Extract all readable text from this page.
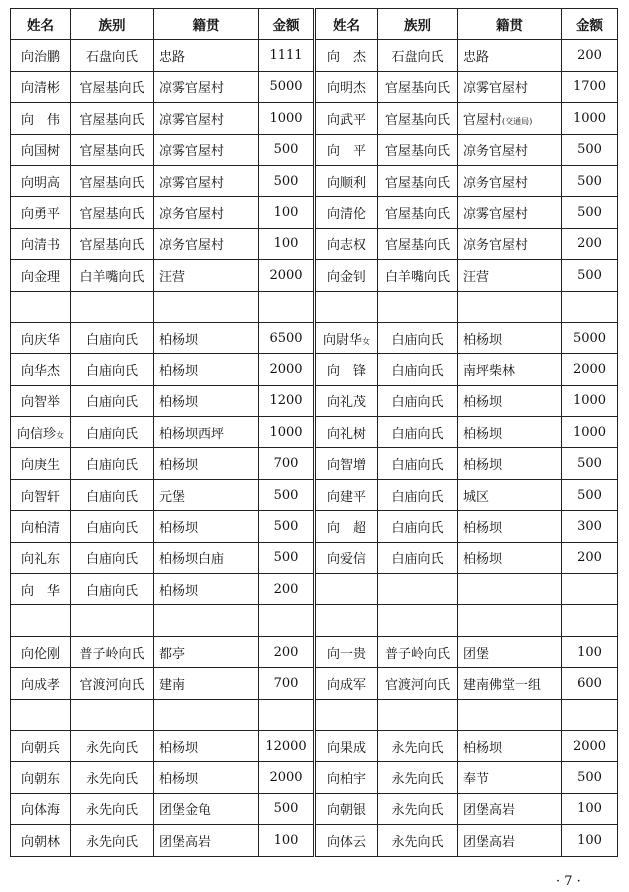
姓名	族别	籍贯	金额	姓名	族别	籍贯	金额
向治鹏	石盘向氏	忠路	1111	向　杰	石盘向氏	忠路	200
向清彬	官屋基向氏	凉雾官屋村	5000	向明杰	官屋基向氏	凉雾官屋村	1700
向　伟	官屋基向氏	凉雾官屋村	1000	向武平	官屋基向氏	官屋村(交通局)	1000
向国树	官屋基向氏	凉雾官屋村	500	向　平	官屋基向氏	凉务官屋村	500
向明高	官屋基向氏	凉雾官屋村	500	向顺利	官屋基向氏	凉务官屋村	500
向勇平	官屋基向氏	凉务官屋村	100	向清伦	官屋基向氏	凉雾官屋村	500
向清书	官屋基向氏	凉务官屋村	100	向志权	官屋基向氏	凉务官屋村	200
向金理	白羊嘴向氏	汪营	2000	向金钊	白羊嘴向氏	汪营	500

向庆华	白庙向氏	柏杨坝	6500	向尉华女	白庙向氏	柏杨坝	5000
向华杰	白庙向氏	柏杨坝	2000	向　锋	白庙向氏	南坪柴林	2000
向智举	白庙向氏	柏杨坝	1200	向礼茂	白庙向氏	柏杨坝	1000
向信珍女	白庙向氏	柏杨坝西坪	1000	向礼树	白庙向氏	柏杨坝	1000
向庚生	白庙向氏	柏杨坝	700	向智增	白庙向氏	柏杨坝	500
向智轩	白庙向氏	元堡	500	向建平	白庙向氏	城区	500
向柏清	白庙向氏	柏杨坝	500	向　超	白庙向氏	柏杨坝	300
向礼东	白庙向氏	柏杨坝白庙	500	向爱信	白庙向氏	柏杨坝	200
向　华	白庙向氏	柏杨坝	200				

向伦刚	普子岭向氏	都亭	200	向一贵	普子岭向氏	团堡	100
向成孝	官渡河向氏	建南	700	向成军	官渡河向氏	建南佛堂一组	600

向朝兵	永先向氏	柏杨坝	12000	向果成	永先向氏	柏杨坝	2000
向朝东	永先向氏	柏杨坝	2000	向柏宇	永先向氏	奉节	500
向体海	永先向氏	团堡金龟	500	向朝银	永先向氏	团堡高岩	100
向朝林	永先向氏	团堡高岩	100	向体云	永先向氏	团堡高岩	100
· 7 ·
